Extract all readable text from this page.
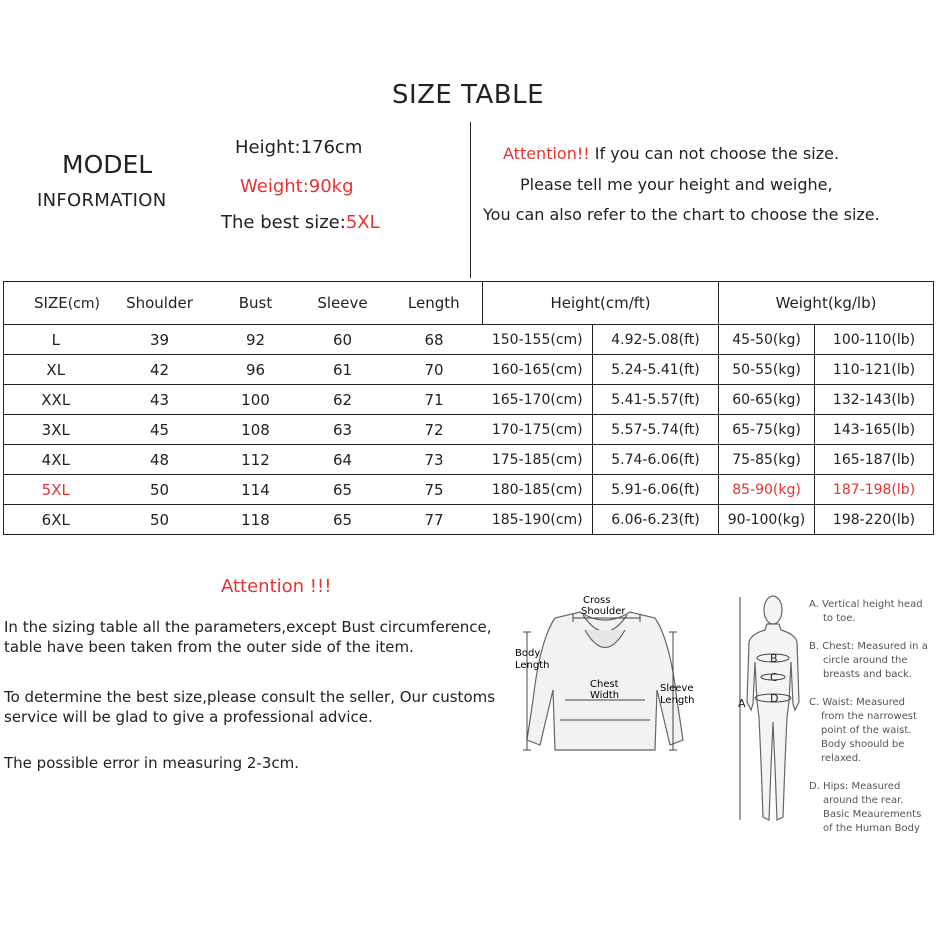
SIZE TABLE
MODEL
INFORMATION
Height:176cm
Weight:90kg
The best size:5XL
Attention!! If you can not choose the size.
Please tell me your height and weighe,
You can also refer to the chart to choose the size.
SIZE(cm)	Shoulder	Bust	Sleeve	Length	Height(cm/ft)		Weight(kg/lb)	
L	39	92	60	68	150-155(cm)	4.92-5.08(ft)	45-50(kg)	100-110(lb)
XL	42	96	61	70	160-165(cm)	5.24-5.41(ft)	50-55(kg)	110-121(lb)
XXL	43	100	62	71	165-170(cm)	5.41-5.57(ft)	60-65(kg)	132-143(lb)
3XL	45	108	63	72	170-175(cm)	5.57-5.74(ft)	65-75(kg)	143-165(lb)
4XL	48	112	64	73	175-185(cm)	5.74-6.06(ft)	75-85(kg)	165-187(lb)
5XL	50	114	65	75	180-185(cm)	5.91-6.06(ft)	85-90(kg)	187-198(lb)
6XL	50	118	65	77	185-190(cm)	6.06-6.23(ft)	90-100(kg)	198-220(lb)
Attention !!!
In the sizing table all the parameters,except Bust circumference,
table have been taken from the outer side of the item.
To determine the best size,please consult the seller, Our customs
service will be glad to give a professional advice.
The possible error in measuring 2-3cm.
Cross
Shoulder
Body
Length
Chest
Width
Sleeve
Length	A
B
C
D
A. Vertical height head
to toe.
B. Chest: Measured in a
circle around the
breasts and back.
C. Waist: Measured
from the narrowest
point of the waist.
Body shoould be
relaxed.
D. Hips: Measured
around the rear.
Basic Meaurements
of the Human Body
